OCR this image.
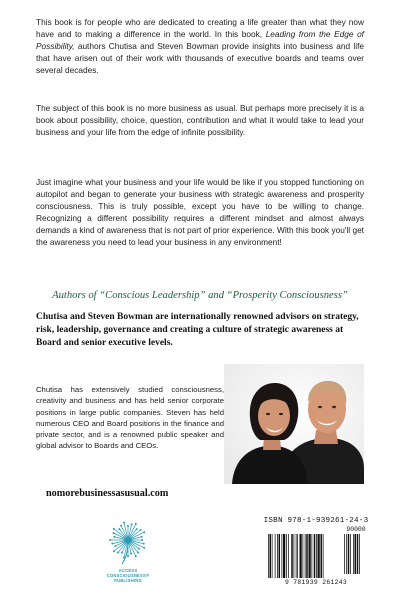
This book is for people who are dedicated to creating a life greater than what they now have and to making a difference in the world. In this book, Leading from the Edge of Possibility, authors Chutisa and Steven Bowman provide insights into business and life that have arisen out of their work with thousands of executive boards and teams over several decades.

The subject of this book is no more business as usual. But perhaps more precisely it is a book about possibility, choice, question, contribution and what it would take to lead your business and your life from the edge of infinite possibility.

Just imagine what your business and your life would be like if you stopped functioning on autopilot and began to generate your business with strategic awareness and prosperity consciousness. This is truly possible, except you have to be willing to change. Recognizing a different possibility requires a different mindset and almost always demands a kind of awareness that is not part of prior experience. With this book you'll get the awareness you need to lead your business in any environment!

Authors of “Conscious Leadership” and “Prosperity Consciousness”

Chutisa and Steven Bowman are internationally renowned advisors on strategy, risk, leadership, governance and creating a culture of strategic awareness at Board and senior executive levels.

Chutisa has extensively studied consciousness, creativity and business and has held senior corporate positions in large public companies. Steven has held numerous CEO and Board positions in the finance and private sector, and is a renowned public speaker and global advisor to Boards and CEOs.

nomorebusinessasusual.com
ACCESS
CONSCIOUSNESS®
PUBLISHING
ISBN 978-1-939261-24-3
90000
9 781939 261243
